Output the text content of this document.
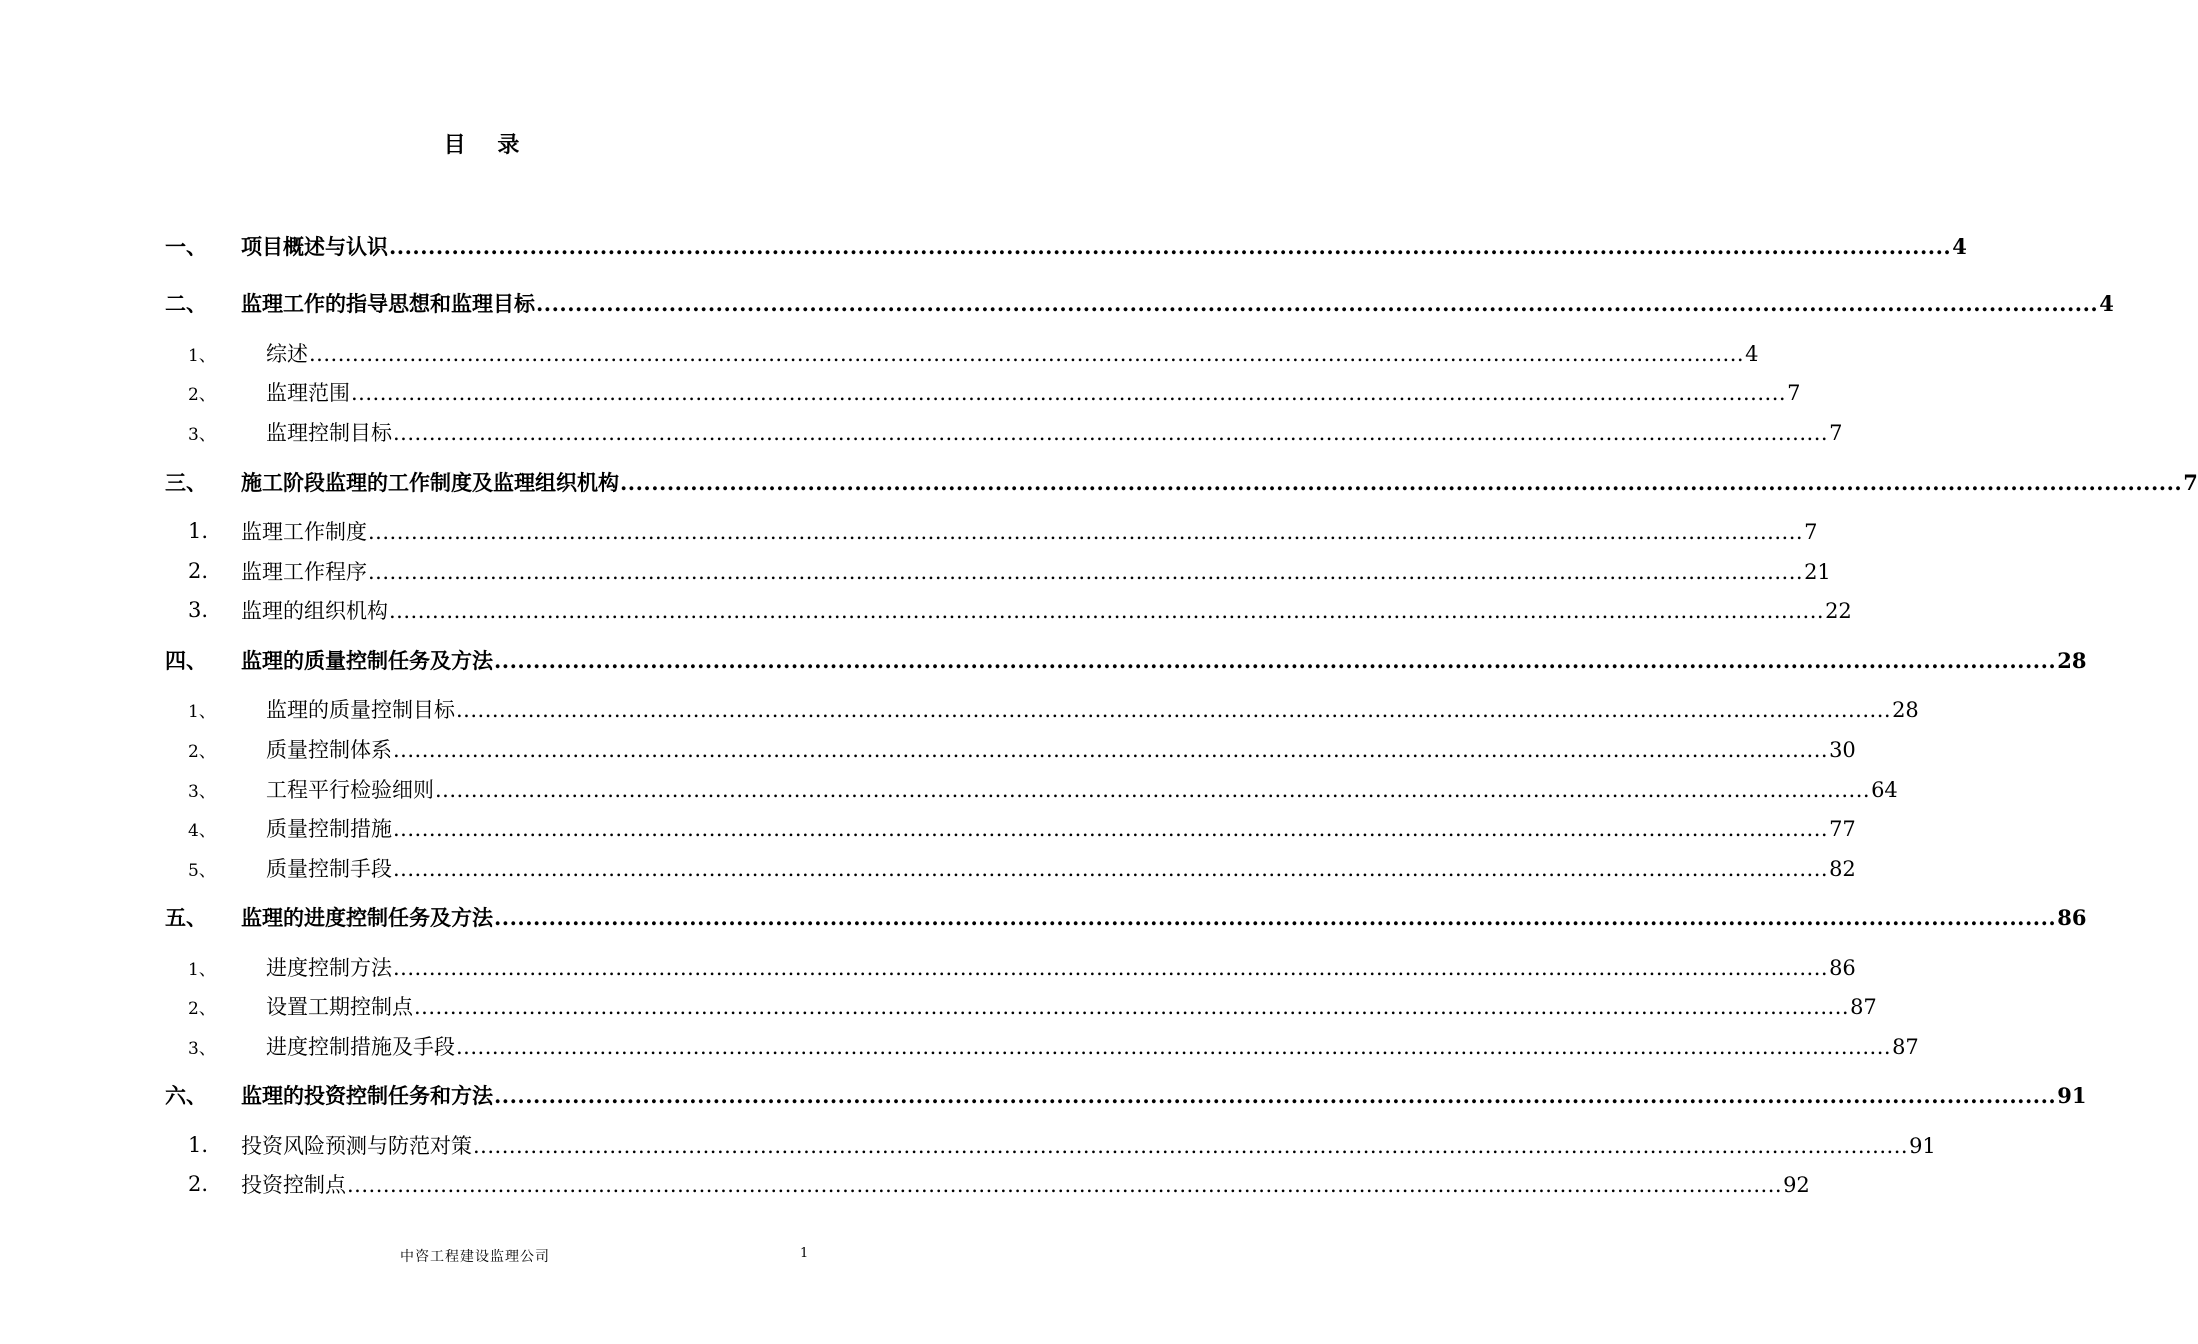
目 录
一、 项目概述与认识 ........................................................................................................................................................................................................ 4
二、 监理工作的指导思想和监理目标 ........................................................................................................................................................................................................ 4
1、 综述 ........................................................................................................................................................................................................ 4
2、 监理范围 ........................................................................................................................................................................................................ 7
3、 监理控制目标 ........................................................................................................................................................................................................ 7
三、 施工阶段监理的工作制度及监理组织机构 ........................................................................................................................................................................................................ 7
1. 监理工作制度 ........................................................................................................................................................................................................ 7
2. 监理工作程序 ........................................................................................................................................................................................................ 21
3. 监理的组织机构 ........................................................................................................................................................................................................ 22
四、 监理的质量控制任务及方法 ........................................................................................................................................................................................................ 28
1、 监理的质量控制目标 ........................................................................................................................................................................................................ 28
2、 质量控制体系 ........................................................................................................................................................................................................ 30
3、 工程平行检验细则 ........................................................................................................................................................................................................ 64
4、 质量控制措施 ........................................................................................................................................................................................................ 77
5、 质量控制手段 ........................................................................................................................................................................................................ 82
五、 监理的进度控制任务及方法 ........................................................................................................................................................................................................ 86
1、 进度控制方法 ........................................................................................................................................................................................................ 86
2、 设置工期控制点 ........................................................................................................................................................................................................ 87
3、 进度控制措施及手段 ........................................................................................................................................................................................................ 87
六、 监理的投资控制任务和方法 ........................................................................................................................................................................................................ 91
1. 投资风险预测与防范对策 ........................................................................................................................................................................................................ 91
2. 投资控制点 ........................................................................................................................................................................................................ 92
中咨工程建设监理公司	1
